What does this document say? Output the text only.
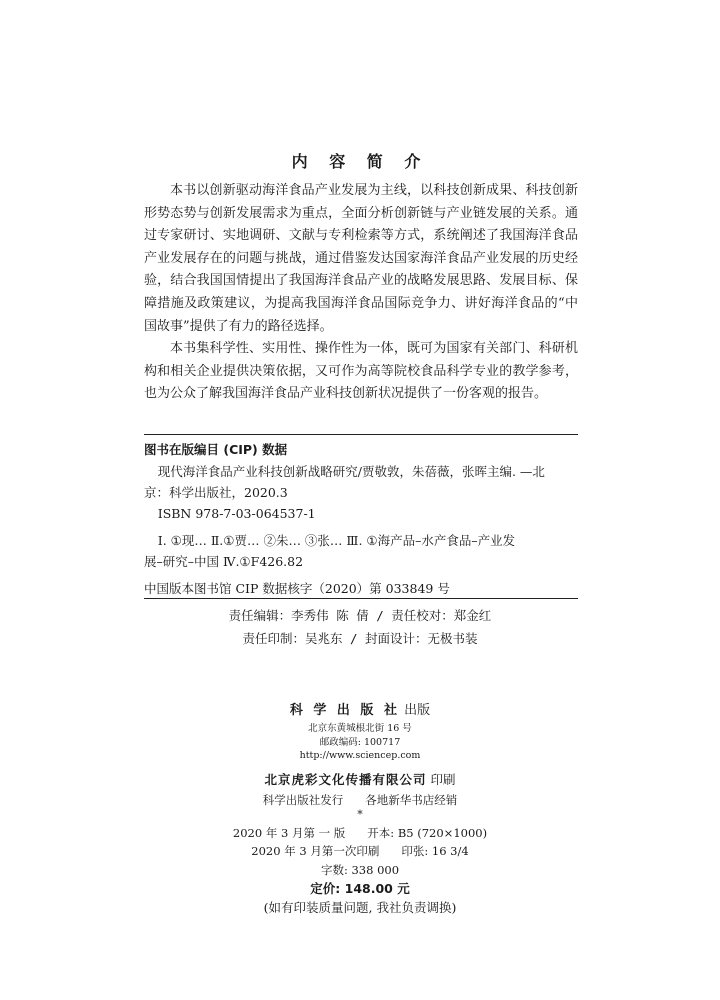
内 容 简 介

本书以创新驱动海洋食品产业发展为主线，以科技创新成果、科技创新形势态势与创新发展需求为重点，全面分析创新链与产业链发展的关系。通过专家研讨、实地调研、文献与专利检索等方式，系统阐述了我国海洋食品产业发展存在的问题与挑战，通过借鉴发达国家海洋食品产业发展的历史经验，结合我国国情提出了我国海洋食品产业的战略发展思路、发展目标、保障措施及政策建议，为提高我国海洋食品国际竞争力、讲好海洋食品的“中国故事”提供了有力的路径选择。

本书集科学性、实用性、操作性为一体，既可为国家有关部门、科研机构和相关企业提供决策依据，又可作为高等院校食品科学专业的教学参考，也为公众了解我国海洋食品产业科技创新状况提供了一份客观的报告。

图书在版编目 (CIP) 数据

现代海洋食品产业科技创新战略研究/贾敬敦，朱蓓薇，张晖主编. —北

京：科学出版社，2020.3

ISBN 978-7-03-064537-1

Ⅰ. ①现… Ⅱ.①贾… ②朱… ③张… Ⅲ. ①海产品–水产食品–产业发

展–研究–中国 Ⅳ.①F426.82

中国版本图书馆 CIP 数据核字（2020）第 033849 号

责任编辑：李秀伟 陈 倩 / 责任校对：郑金红
责任印制：吴兆东 / 封面设计：无极书装
科 学 出 版 社 出版
北京东黄城根北街 16 号
邮政编码: 100717
http://www.sciencep.com
北京虎彩文化传播有限公司 印刷
科学出版社发行 各地新华书店经销
*
2020 年 3 月第 一 版 开本: B5 (720×1000)
2020 年 3 月第一次印刷 印张: 16 3/4
字数: 338 000
定价: 148.00 元
(如有印装质量问题, 我社负责调换)
